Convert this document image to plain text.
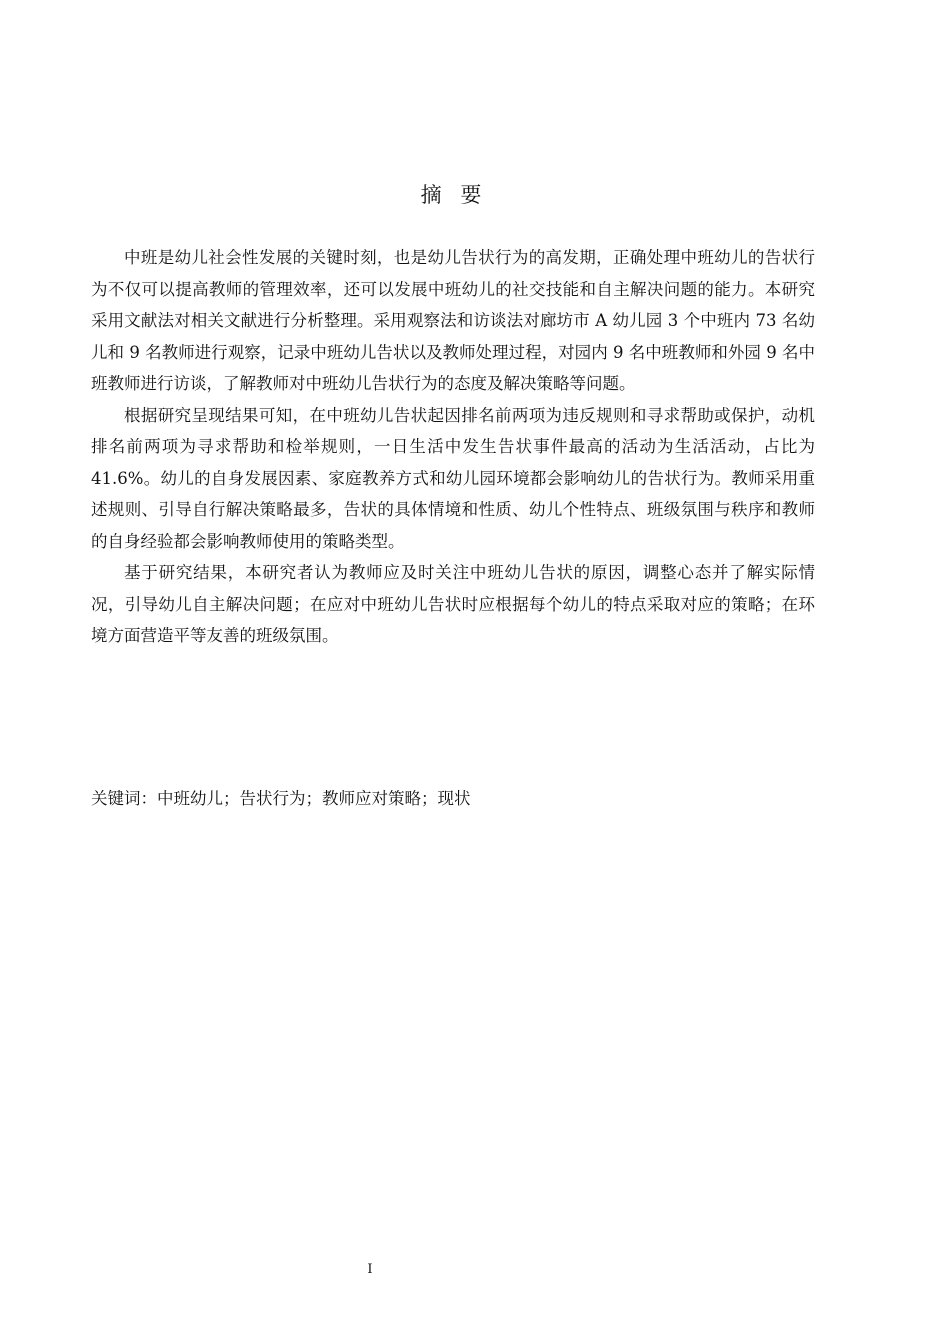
摘 要

中班是幼儿社会性发展的关键时刻，也是幼儿告状行为的高发期，正确处理中班幼儿的告状行为不仅可以提高教师的管理效率，还可以发展中班幼儿的社交技能和自主解决问题的能力。本研究采用文献法对相关文献进行分析整理。采用观察法和访谈法对廊坊市 A 幼儿园 3 个中班内 73 名幼儿和 9 名教师进行观察，记录中班幼儿告状以及教师处理过程，对园内 9 名中班教师和外园 9 名中班教师进行访谈，了解教师对中班幼儿告状行为的态度及解决策略等问题。

根据研究呈现结果可知，在中班幼儿告状起因排名前两项为违反规则和寻求帮助或保护，动机排名前两项为寻求帮助和检举规则，一日生活中发生告状事件最高的活动为生活活动，占比为41.6%。幼儿的自身发展因素、家庭教养方式和幼儿园环境都会影响幼儿的告状行为。教师采用重述规则、引导自行解决策略最多，告状的具体情境和性质、幼儿个性特点、班级氛围与秩序和教师的自身经验都会影响教师使用的策略类型。

基于研究结果，本研究者认为教师应及时关注中班幼儿告状的原因，调整心态并了解实际情况，引导幼儿自主解决问题；在应对中班幼儿告状时应根据每个幼儿的特点采取对应的策略；在环境方面营造平等友善的班级氛围。

关键词：中班幼儿；告状行为；教师应对策略；现状
I
